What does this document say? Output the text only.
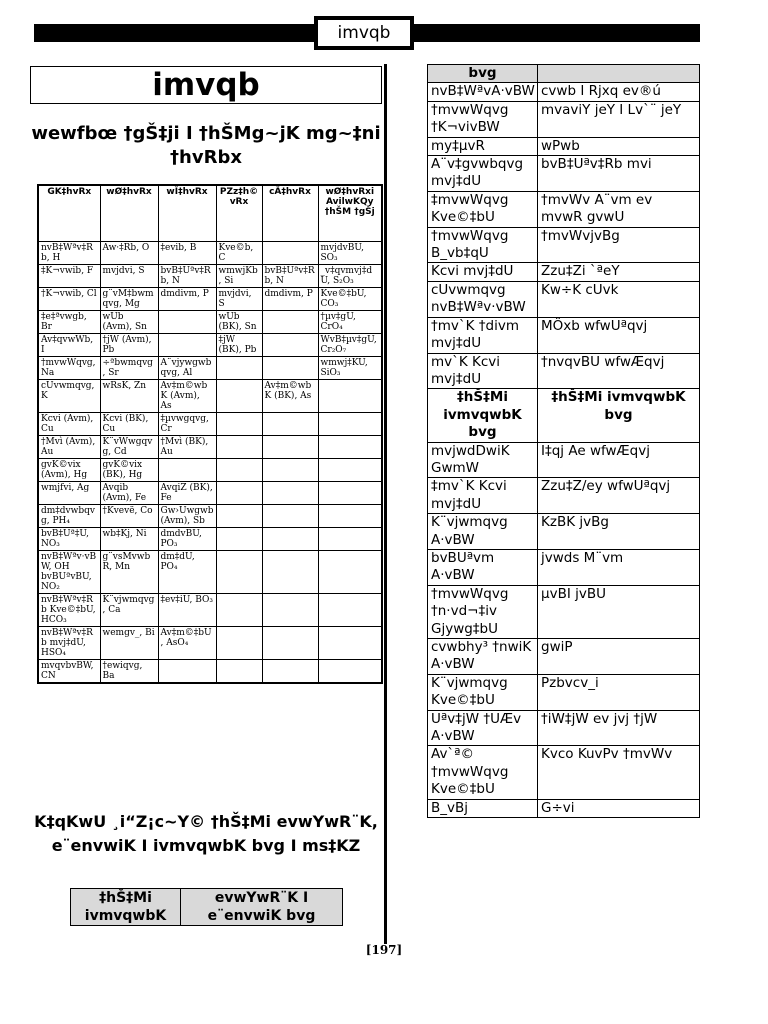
imvqb
imvqb
wewfbœ †gŠ‡ji I †hŠMg~jK mg~‡ni †hvRbx
GK‡hvRx	wØ‡hvRx	wÎ‡hvRx	PZz‡h©vRx	cÂ‡hvRx	wØ‡hvRxi AvilwKQy †hŠM †gŠj
nvB‡Wªv‡Rb, H	Aw·‡Rb, O	‡evib, B	Kve©b, C		mvjdvBU, SO₃
‡K¬vwib, F	mvjdvi, S	bvB‡Uªv‡Rb, N	wmwjKb, Si	bvB‡Uªv‡Rb, N	_v‡qvmvj‡dU, S₂O₃
†K¬vwib, Cl	g¨vM‡bwmqvg, Mg	dmdivm, P	mvjdvi, S	dmdivm, P	Kve©‡bU, CO₃
‡e‡ªvwgb, Br	wUb (Avm), Sn		wUb (BK), Sn		†µv‡gU, CrO₄
Av‡qvwWb, I	†jW (Avm), Pb		‡jW (BK), Pb		WvB‡µv‡gU, Cr₂O₇
†mvwWqvg, Na	÷ªbwmqvg, Sr	A¨vjywgwbqvg, Al			wmwj‡KU, SiO₃
cUvwmqvg, K	wRsK, Zn	Av‡m©wbK (Avm), As		Av‡m©wbK (BK), As	
Kcvi (Avm), Cu	Kcvi (BK), Cu	‡µvwgqvg, Cr			
†Mvì (Avm), Au	K¨vWwgqvg, Cd	†Mvì (BK), Au			
gvK©vix (Avm), Hg	gvK©vix (BK), Hg				
wmjfvi, Ag	Avqib (Avm), Fe	AvqiZ (BK), Fe			
dm‡dvwbqvg, PH₄	†Kvevë, Co	Gw›Uwgwb (Avm), Sb			
bvB‡Uª‡U, NO₃	wb‡Kj, Ni	dmdvBU, PO₃			
nvB‡Wªv·vBW, OH bvBUªvBU, NO₂	g¨vsMvwbR, Mn	dm‡dU, PO₄			
nvB‡Wªv‡Rb Kve©‡bU, HCO₃	K¨vjwmqvg, Ca	‡ev‡iU, BO₃			
nvB‡Wªv‡Rb mvj‡dU, HSO₄	wemgv_, Bi	Av‡m©‡bU, AsO₄			
mvqvbvBW, CN	†ewiqvg, Ba				
K‡qKwU ¸i“Z¡c~Y© †hŠ‡Mi evwYwR¨K, e¨envwiK I ivmvqwbK bvg I ms‡KZ
‡hŠ‡Mi ivmvqwbK	evwYwR¨K I e¨envwiK bvg
bvg	
nvB‡WªvA·vBW	cvwb I Rjxq ev®ú
†mvwWqvg †K¬vivBW	mvaviY jeY I Lv`¨ jeY
my‡µvR	wPwb
A¨v‡gvwbqvg mvj‡dU	bvB‡Uªv‡Rb mvi
‡mvwWqvg Kve©‡bU	†mvWv A¨vm ev mvwR gvwU
†mvwWqvg B_vb‡qU	†mvWvjvBg
Kcvi mvj‡dU	Zzu‡Zi `ªeY
cUvwmqvg nvB‡Wªv·vBW	Kw÷K cUvk
†mv`K †divm mvj‡dU	MÖxb wfwUªqvj
mv`K Kcvi mvj‡dU	†nvqvBU wfwÆqvj
‡hŠ‡Mi ivmvqwbK bvg	‡hŠ‡Mi ivmvqwbK bvg
mvjwdDwiK GwmW	I‡qj Ae wfwÆqvj
‡mv`K Kcvi mvj‡dU	Zzu‡Z/ey wfwUªqvj
K¨vjwmqvg A·vBW	KzBK jvBg
bvBUªvm A·vBW	jvwds M¨vm
†mvwWqvg †n·vd¬‡iv Gjywg‡bU	µvBI jvBU
cvwbhy³ †nwiK A·vBW	gwiP
K¨vjwmqvg Kve©‡bU	Pzbvcv_i
Uªv‡jW †UÆv A·vBW	†iW‡jW ev jvj †jW
Av`ª© †mvwWqvg Kve©‡bU	Kvco KuvPv †mvWv
B_vBj	G÷vi
[197]
